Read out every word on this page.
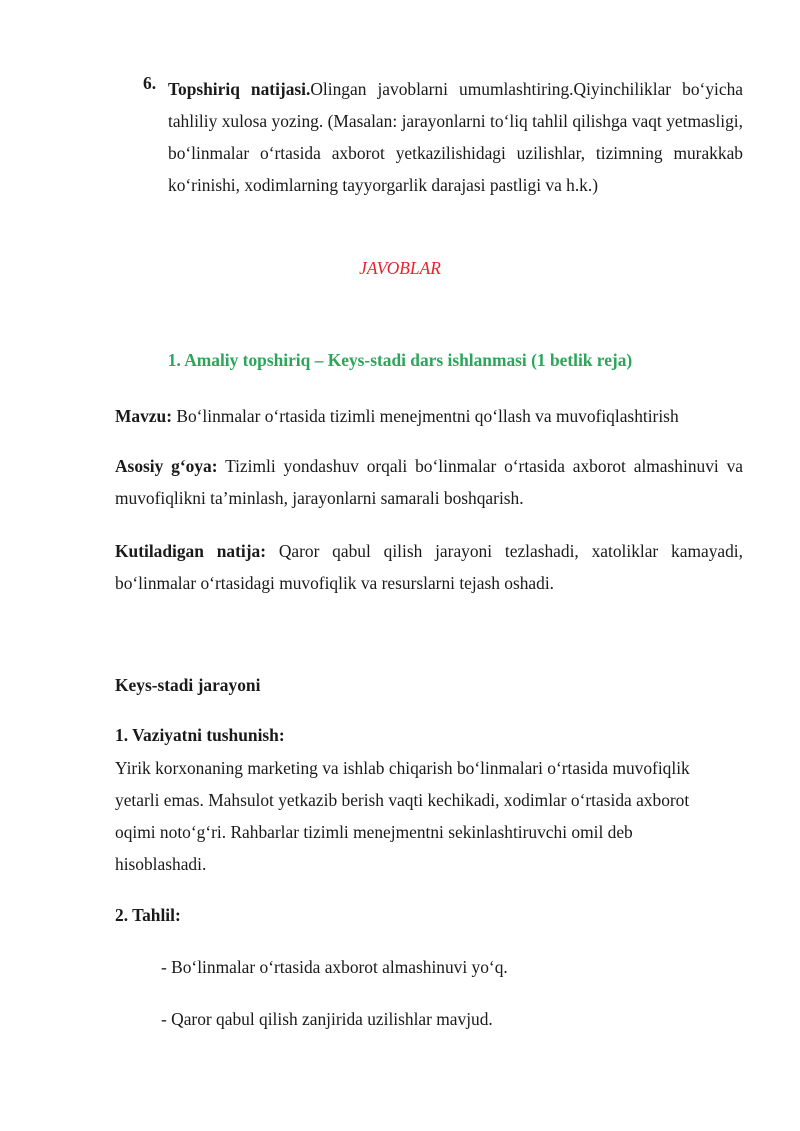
6. Topshiriq natijasi.Olingan javoblarni umumlashtiring.Qiyinchiliklar bo‘yicha tahliliy xulosa yozing. (Masalan: jarayonlarni to‘liq tahlil qilishga vaqt yetmasligi, bo‘linmalar o‘rtasida axborot yetkazilishidagi uzilishlar, tizimning murakkab ko‘rinishi, xodimlarning tayyorgarlik darajasi pastligi va h.k.)
JAVOBLAR
1. Amaliy topshiriq – Keys-stadi dars ishlanmasi (1 betlik reja)
Mavzu: Bo‘linmalar o‘rtasida tizimli menejmentni qo‘llash va muvofiqlashtirish
Asosiy g‘oya: Tizimli yondashuv orqali bo‘linmalar o‘rtasida axborot almashinuvi va muvofiqlikni ta’minlash, jarayonlarni samarali boshqarish.
Kutiladigan natija: Qaror qabul qilish jarayoni tezlashadi, xatoliklar kamayadi, bo‘linmalar o‘rtasidagi muvofiqlik va resurslarni tejash oshadi.
Keys-stadi jarayoni
1. Vaziyatni tushunish:
Yirik korxonaning marketing va ishlab chiqarish bo‘linmalari o‘rtasida muvofiqlik
yetarli emas. Mahsulot yetkazib berish vaqti kechikadi, xodimlar o‘rtasida axborot
oqimi noto‘g‘ri. Rahbarlar tizimli menejmentni sekinlashtiruvchi omil deb
hisoblashadi.
2. Tahlil:
- Bo‘linmalar o‘rtasida axborot almashinuvi yo‘q.
- Qaror qabul qilish zanjirida uzilishlar mavjud.
